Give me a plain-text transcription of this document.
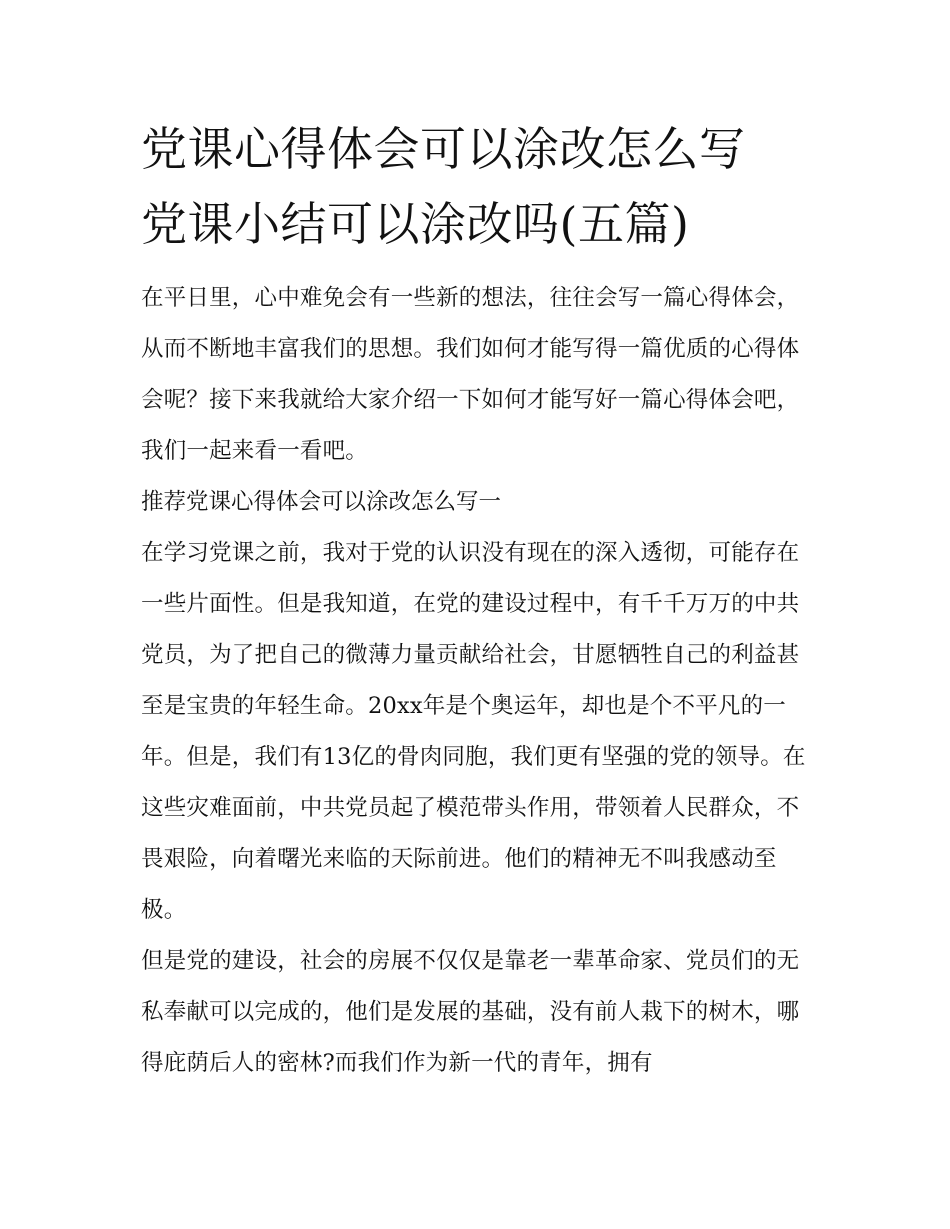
党课心得体会可以涂改怎么写
党课小结可以涂改吗(五篇)

在平日里，心中难免会有一些新的想法，往往会写一篇心得体会，从而不断地丰富我们的思想。我们如何才能写得一篇优质的心得体会呢？接下来我就给大家介绍一下如何才能写好一篇心得体会吧，我们一起来看一看吧。

推荐党课心得体会可以涂改怎么写一

在学习党课之前，我对于党的认识没有现在的深入透彻，可能存在一些片面性。但是我知道，在党的建设过程中，有千千万万的中共党员，为了把自己的微薄力量贡献给社会，甘愿牺牲自己的利益甚至是宝贵的年轻生命。20xx年是个奥运年，却也是个不平凡的一年。但是，我们有13亿的骨肉同胞，我们更有坚强的党的领导。在这些灾难面前，中共党员起了模范带头作用，带领着人民群众，不畏艰险，向着曙光来临的天际前进。他们的精神无不叫我感动至极。

但是党的建设，社会的房展不仅仅是靠老一辈革命家、党员们的无私奉献可以完成的，他们是发展的基础，没有前人栽下的树木，哪得庇荫后人的密林?而我们作为新一代的青年，拥有
